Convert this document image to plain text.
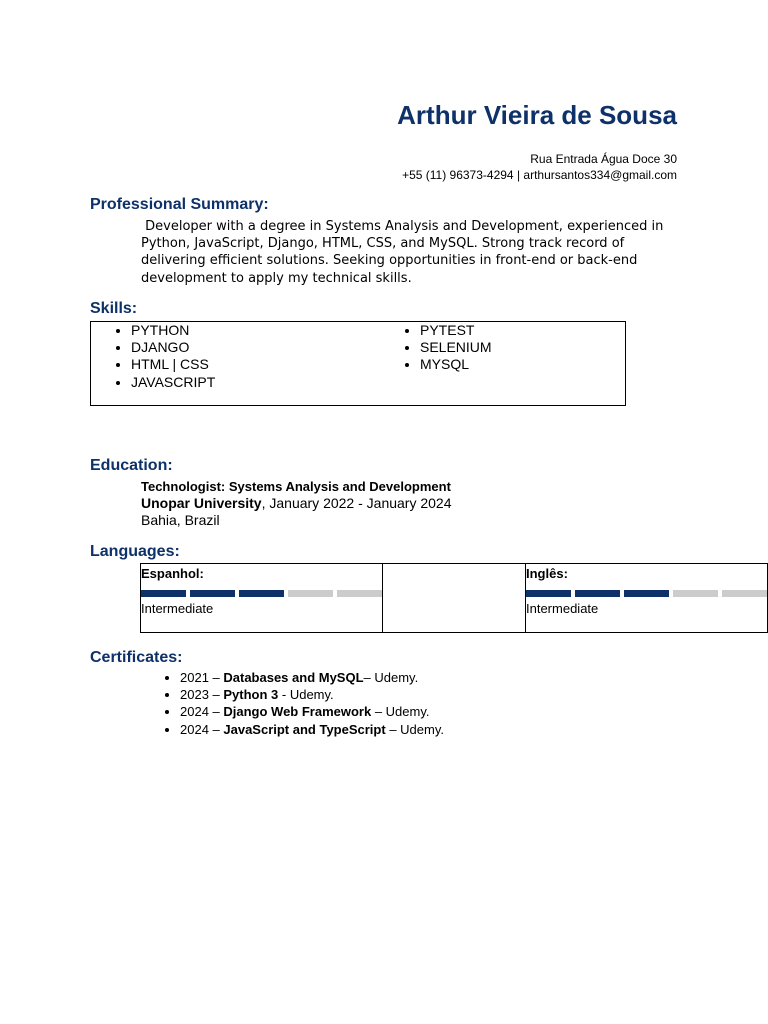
Arthur Vieira de Sousa
Rua Entrada Água Doce 30
+55 (11) 96373-4294 | arthursantos334@gmail.com
Professional Summary:
Developer with a degree in Systems Analysis and Development, experienced in Python, JavaScript, Django, HTML, CSS, and MySQL. Strong track record of delivering efficient solutions. Seeking opportunities in front-end or back-end development to apply my technical skills.
Skills:
• PYTHON
• DJANGO
• HTML | CSS
• JAVASCRIPT
• PYTEST
• SELENIUM
• MYSQL
Education:
Technologist: Systems Analysis and Development
Unopar University, January 2022 - January 2024
Bahia, Brazil
Languages:
Espanhol:
Intermediate

Inglês:
Intermediate
Certificates:
• 2021 – Databases and MySQL– Udemy.
• 2023 – Python 3 - Udemy.
• 2024 – Django Web Framework – Udemy.
• 2024 – JavaScript and TypeScript – Udemy.
